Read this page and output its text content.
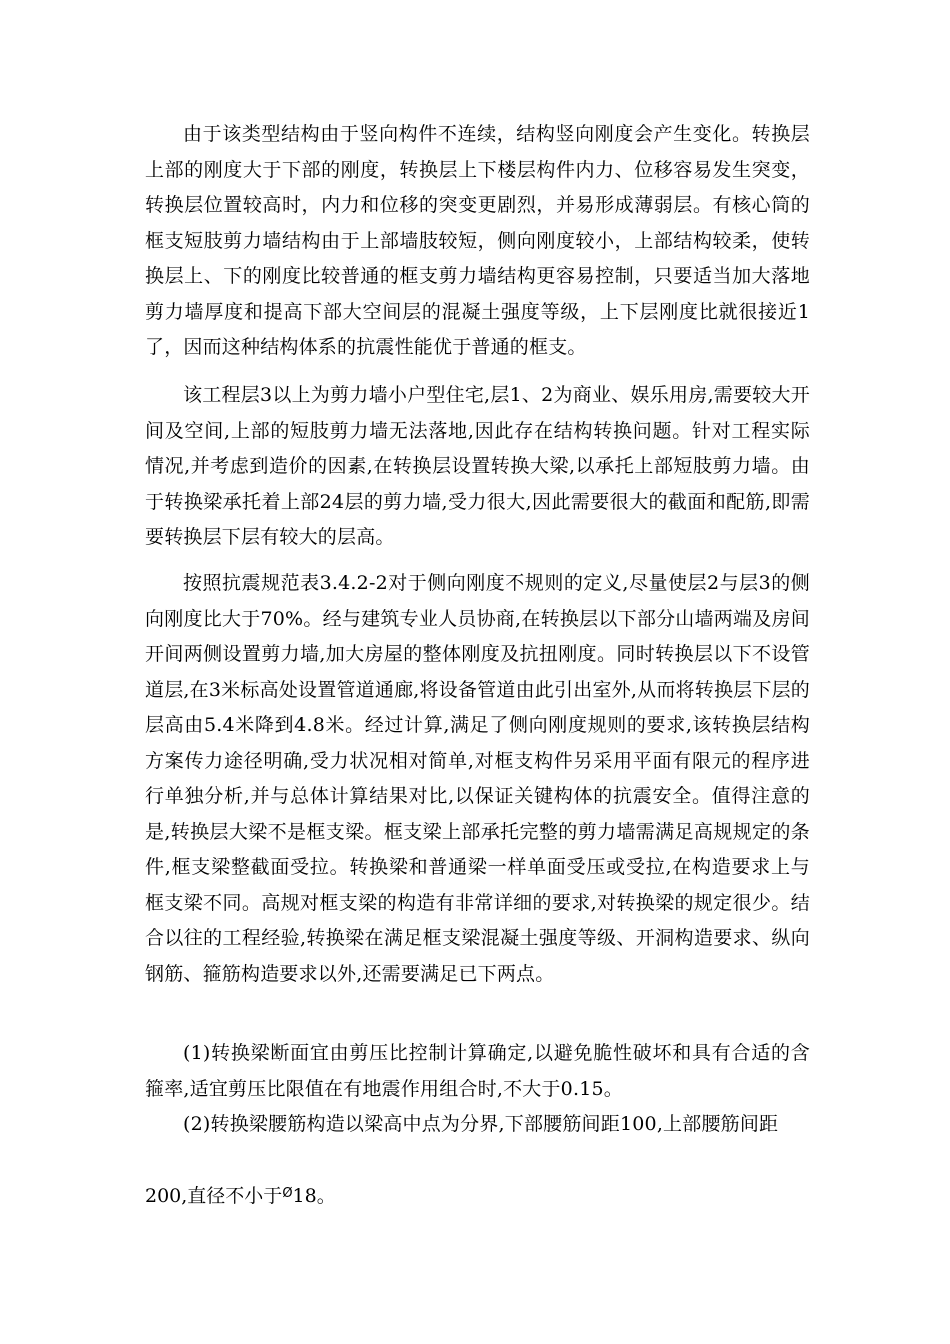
由于该类型结构由于竖向构件不连续，结构竖向刚度会产生变化。转换层上部的刚度大于下部的刚度，转换层上下楼层构件内力、位移容易发生突变，转换层位置较高时，内力和位移的突变更剧烈，并易形成薄弱层。有核心筒的框支短肢剪力墙结构由于上部墙肢较短，侧向刚度较小，上部结构较柔，使转换层上、下的刚度比较普通的框支剪力墙结构更容易控制，只要适当加大落地剪力墙厚度和提高下部大空间层的混凝土强度等级，上下层刚度比就很接近1了，因而这种结构体系的抗震性能优于普通的框支。

该工程层3以上为剪力墙小户型住宅,层1、2为商业、娱乐用房,需要较大开间及空间,上部的短肢剪力墙无法落地,因此存在结构转换问题。针对工程实际情况,并考虑到造价的因素,在转换层设置转换大梁,以承托上部短肢剪力墙。由于转换梁承托着上部24层的剪力墙,受力很大,因此需要很大的截面和配筋,即需要转换层下层有较大的层高。

按照抗震规范表3.4.2-2对于侧向刚度不规则的定义,尽量使层2与层3的侧向刚度比大于70%。经与建筑专业人员协商,在转换层以下部分山墙两端及房间开间两侧设置剪力墙,加大房屋的整体刚度及抗扭刚度。同时转换层以下不设管道层,在3米标高处设置管道通廊,将设备管道由此引出室外,从而将转换层下层的层高由5.4米降到4.8米。经过计算,满足了侧向刚度规则的要求,该转换层结构方案传力途径明确,受力状况相对简单,对框支构件另采用平面有限元的程序进行单独分析,并与总体计算结果对比,以保证关键构体的抗震安全。值得注意的是,转换层大梁不是框支梁。框支梁上部承托完整的剪力墙需满足高规规定的条件,框支梁整截面受拉。转换梁和普通梁一样单面受压或受拉,在构造要求上与框支梁不同。高规对框支梁的构造有非常详细的要求,对转换梁的规定很少。结合以往的工程经验,转换梁在满足框支梁混凝土强度等级、开洞构造要求、纵向钢筋、箍筋构造要求以外,还需要满足已下两点。

(1)转换梁断面宜由剪压比控制计算确定,以避免脆性破坏和具有合适的含箍率,适宜剪压比限值在有地震作用组合时,不大于0.15。

(2)转换梁腰筋构造以梁高中点为分界,下部腰筋间距100,上部腰筋间距

200,直径不小于$^Ø$18。
